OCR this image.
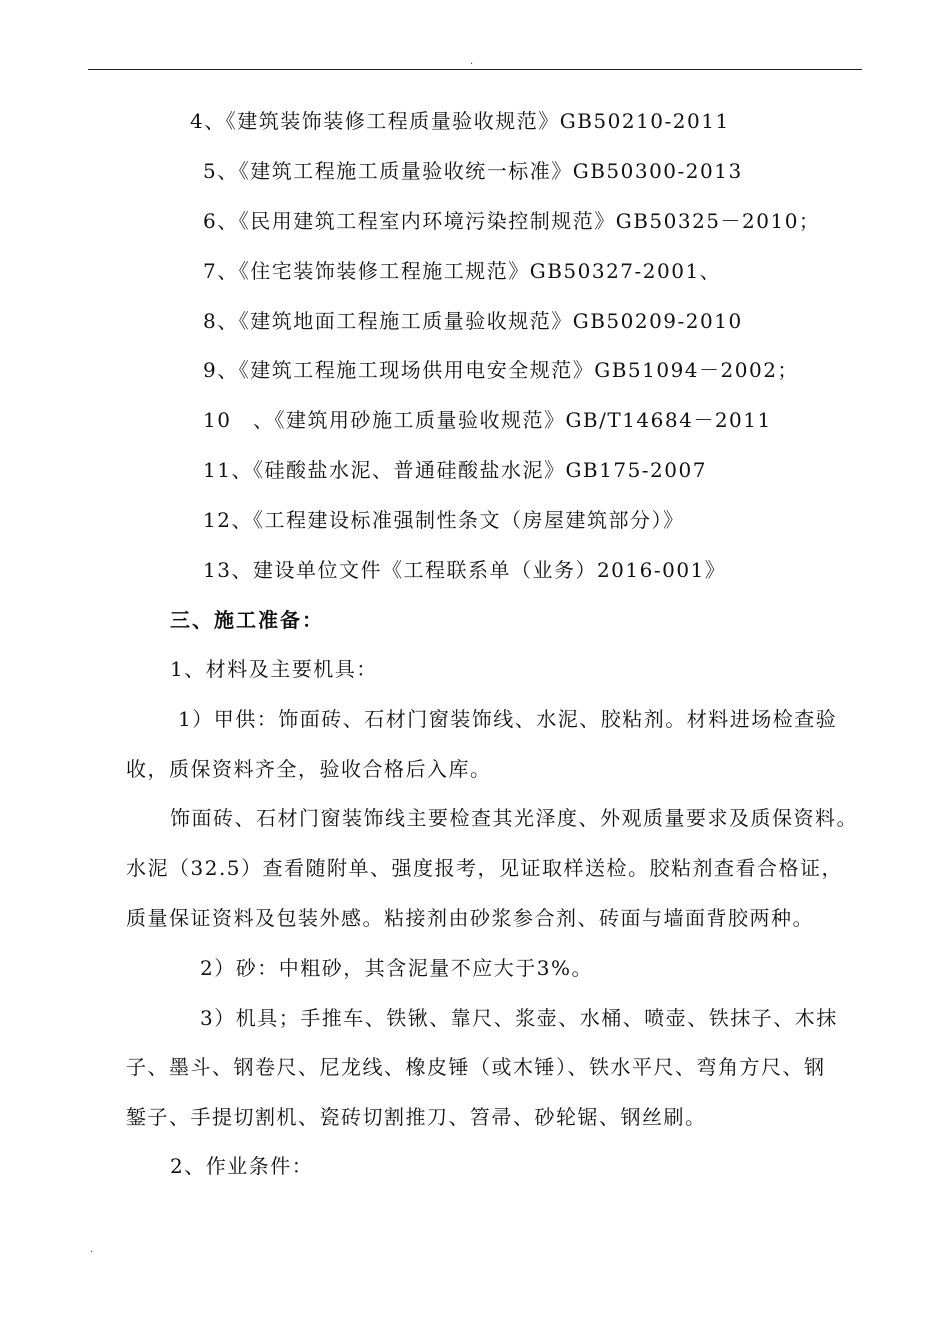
.
4、《建筑装饰装修工程质量验收规范》GB50210-2011
5、《建筑工程施工质量验收统一标准》GB50300-2013
6、《民用建筑工程室内环境污染控制规范》GB50325－2010；
7、《住宅装饰装修工程施工规范》GB50327-2001、
8、《建筑地面工程施工质量验收规范》GB50209-2010
9、《建筑工程施工现场供用电安全规范》GB51094－2002；
10　、《建筑用砂施工质量验收规范》GB/T14684－2011
11、《硅酸盐水泥、普通硅酸盐水泥》GB175-2007
12、《工程建设标准强制性条文（房屋建筑部分）》
13、建设单位文件《工程联系单（业务）2016-001》
三、施工准备：
1、材料及主要机具：
1）甲供：饰面砖、石材门窗装饰线、水泥、胶粘剂。材料进场检查验
收，质保资料齐全，验收合格后入库。
饰面砖、石材门窗装饰线主要检查其光泽度、外观质量要求及质保资料。
水泥（32.5）查看随附单、强度报考，见证取样送检。胶粘剂查看合格证，
质量保证资料及包装外感。粘接剂由砂浆参合剂、砖面与墙面背胶两种。
2）砂：中粗砂，其含泥量不应大于3%。
3）机具；手推车、铁锹、靠尺、浆壶、水桶、喷壶、铁抹子、木抹
子、墨斗、钢卷尺、尼龙线、橡皮锤（或木锤）、铁水平尺、弯角方尺、钢
錾子、手提切割机、瓷砖切割推刀、笤帚、砂轮锯、钢丝刷。
2、作业条件：
.
